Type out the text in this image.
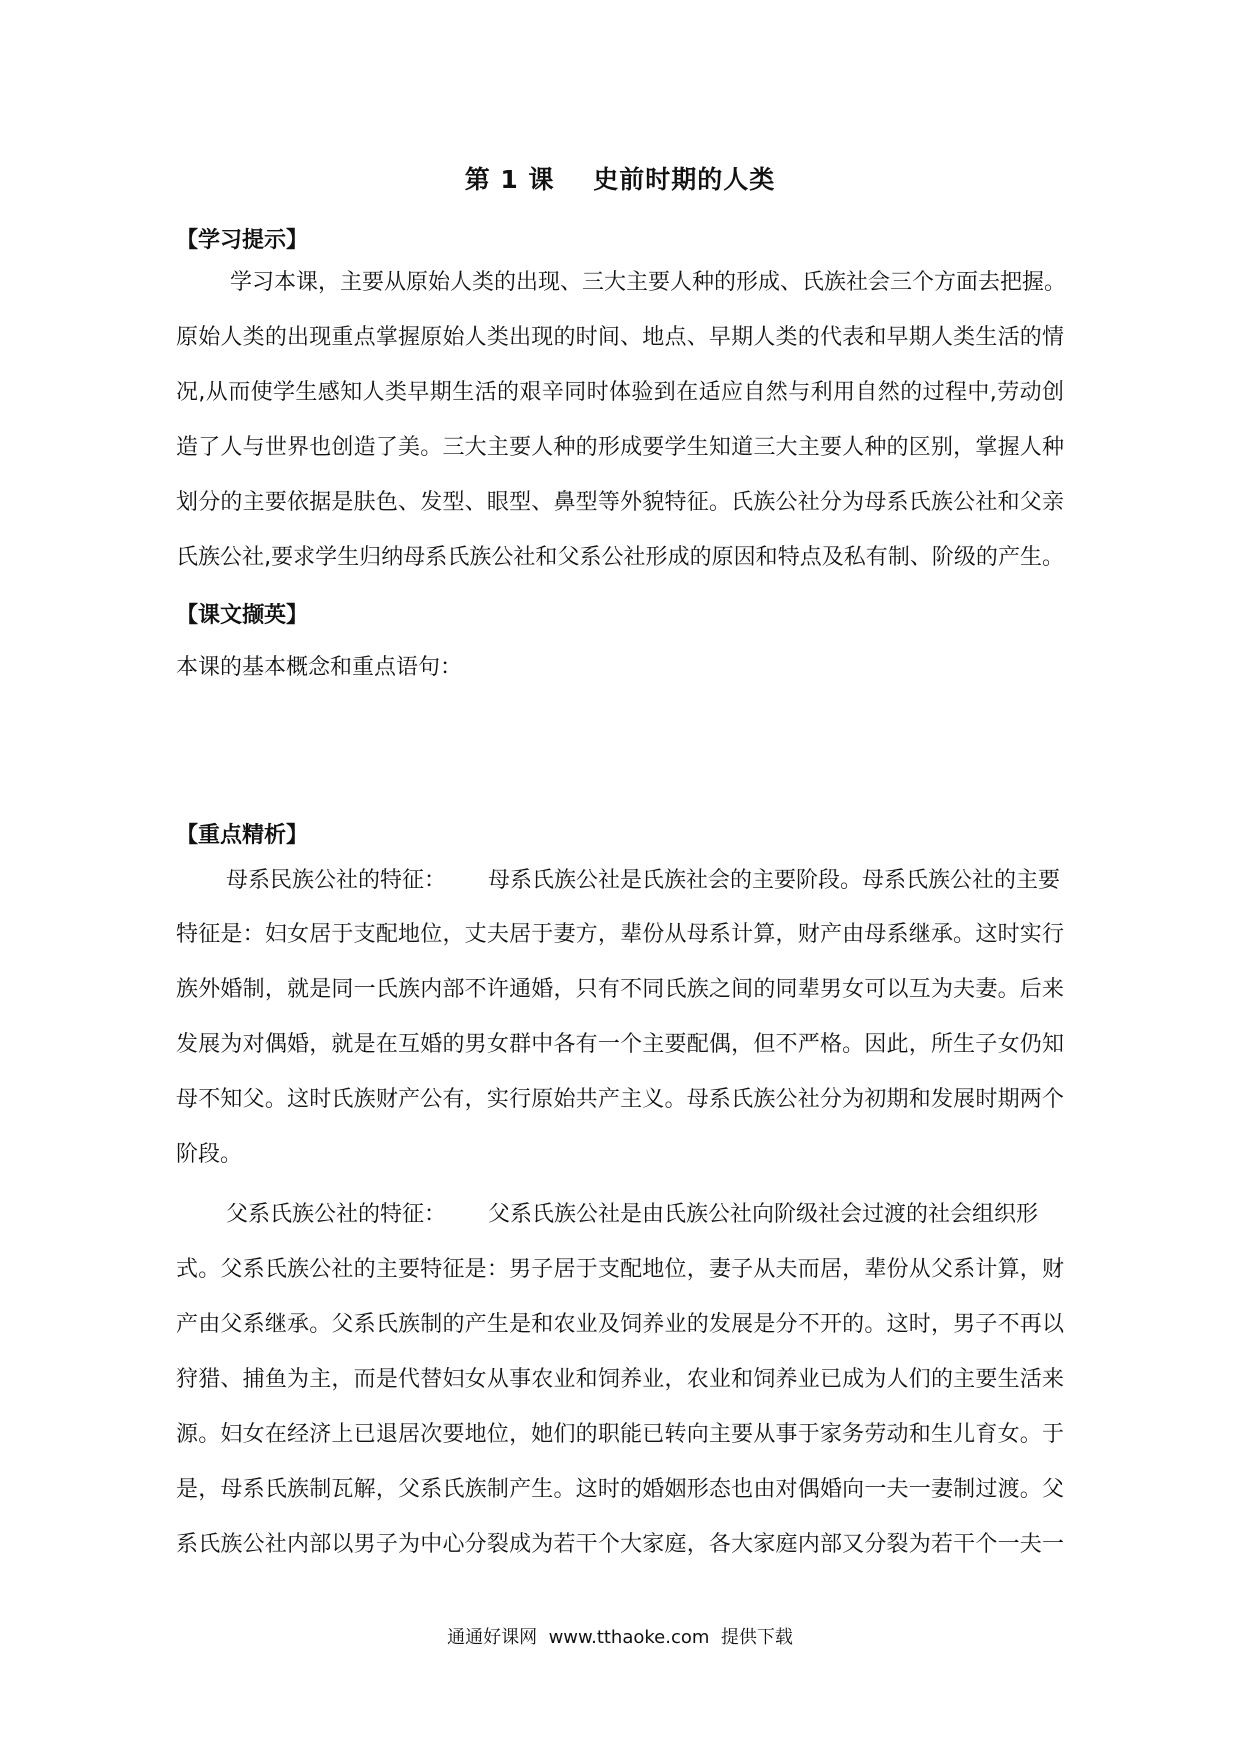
第 1 课    史前时期的人类
【学习提示】
学习本课，主要从原始人类的出现、三大主要人种的形成、氏族社会三个方面去把握。
原始人类的出现重点掌握原始人类出现的时间、地点、早期人类的代表和早期人类生活的情
况,从而使学生感知人类早期生活的艰辛同时体验到在适应自然与利用自然的过程中,劳动创
造了人与世界也创造了美。三大主要人种的形成要学生知道三大主要人种的区别，掌握人种
划分的主要依据是肤色、发型、眼型、鼻型等外貌特征。氏族公社分为母系氏族公社和父亲
氏族公社,要求学生归纳母系氏族公社和父系公社形成的原因和特点及私有制、阶级的产生。
【课文撷英】
本课的基本概念和重点语句：
【重点精析】
母系民族公社的特征：      母系氏族公社是氏族社会的主要阶段。母系氏族公社的主要
特征是：妇女居于支配地位，丈夫居于妻方，辈份从母系计算，财产由母系继承。这时实行
族外婚制，就是同一氏族内部不许通婚，只有不同氏族之间的同辈男女可以互为夫妻。后来
发展为对偶婚，就是在互婚的男女群中各有一个主要配偶，但不严格。因此，所生子女仍知
母不知父。这时氏族财产公有，实行原始共产主义。母系氏族公社分为初期和发展时期两个
阶段。
父系氏族公社的特征：      父系氏族公社是由氏族公社向阶级社会过渡的社会组织形
式。父系氏族公社的主要特征是：男子居于支配地位，妻子从夫而居，辈份从父系计算，财
产由父系继承。父系氏族制的产生是和农业及饲养业的发展是分不开的。这时，男子不再以
狩猎、捕鱼为主，而是代替妇女从事农业和饲养业，农业和饲养业已成为人们的主要生活来
源。妇女在经济上已退居次要地位，她们的职能已转向主要从事于家务劳动和生儿育女。于
是，母系氏族制瓦解，父系氏族制产生。这时的婚姻形态也由对偶婚向一夫一妻制过渡。父
系氏族公社内部以男子为中心分裂成为若干个大家庭，各大家庭内部又分裂为若干个一夫一
通通好课网  www.tthaoke.com  提供下载
